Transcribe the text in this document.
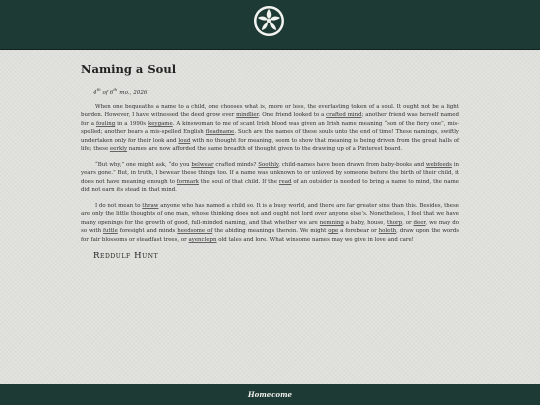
Naming a Soul
4th of 6th mo., 2026

When one bequeaths a name to a child, one chooses what is, more or less, the everlasting token of a soul. It ought not be a light burden. However, I have witnessed the deed grow ever mindlier. One friend looked to a crafted mind; another friend was herself named for a fouling in a 1990s keygame. A kinswoman to me of scant Irish blood was given an Irish name meaning “son of the fiery one”, mis-spelled; another bears a mis-spelled English fleadname. Such are the names of these souls unto the end of time! These namings, swiftly undertaken only for their look and loud with no thought for meaning, seem to show that meaning is being driven from the great halls of life; these eerkly names are now afforded the same breadth of thought given to the drawing up of a Pinterest board.

“But why,” one might ask, “do you belwear crafted minds? Soothly, child-names have been drawn from baby-books and webfeeds in years gone.” But, in truth, I bewear these things too. If a name was unknown to or unloved by someone before the birth of their child, it does not have meaning enough to formark the soul of that child. If the read of an outsider is needed to bring a name to mind, the name did not earn its stead in that mind.

I do not mean to thraw anyone who has named a child so. It is a busy world, and there are far greater sins than this. Besides, these are only the little thoughts of one man, whose thinking does not and ought not lord over anyone else’s. Nonetheless, I feel that we have many openings for the growth of good, full-minded naming, and that whether we are nemning a baby, house, thorp, or deer, we may do so with futtle foresight and minds heedsome of the abiding meanings therein. We might ope a forebear or holeth, draw upon the words for fair blossoms or steadfast trees, or ayenclepn old tales and lore. What winsome names may we give in love and care!

Reddulf Hunt
Homecome
